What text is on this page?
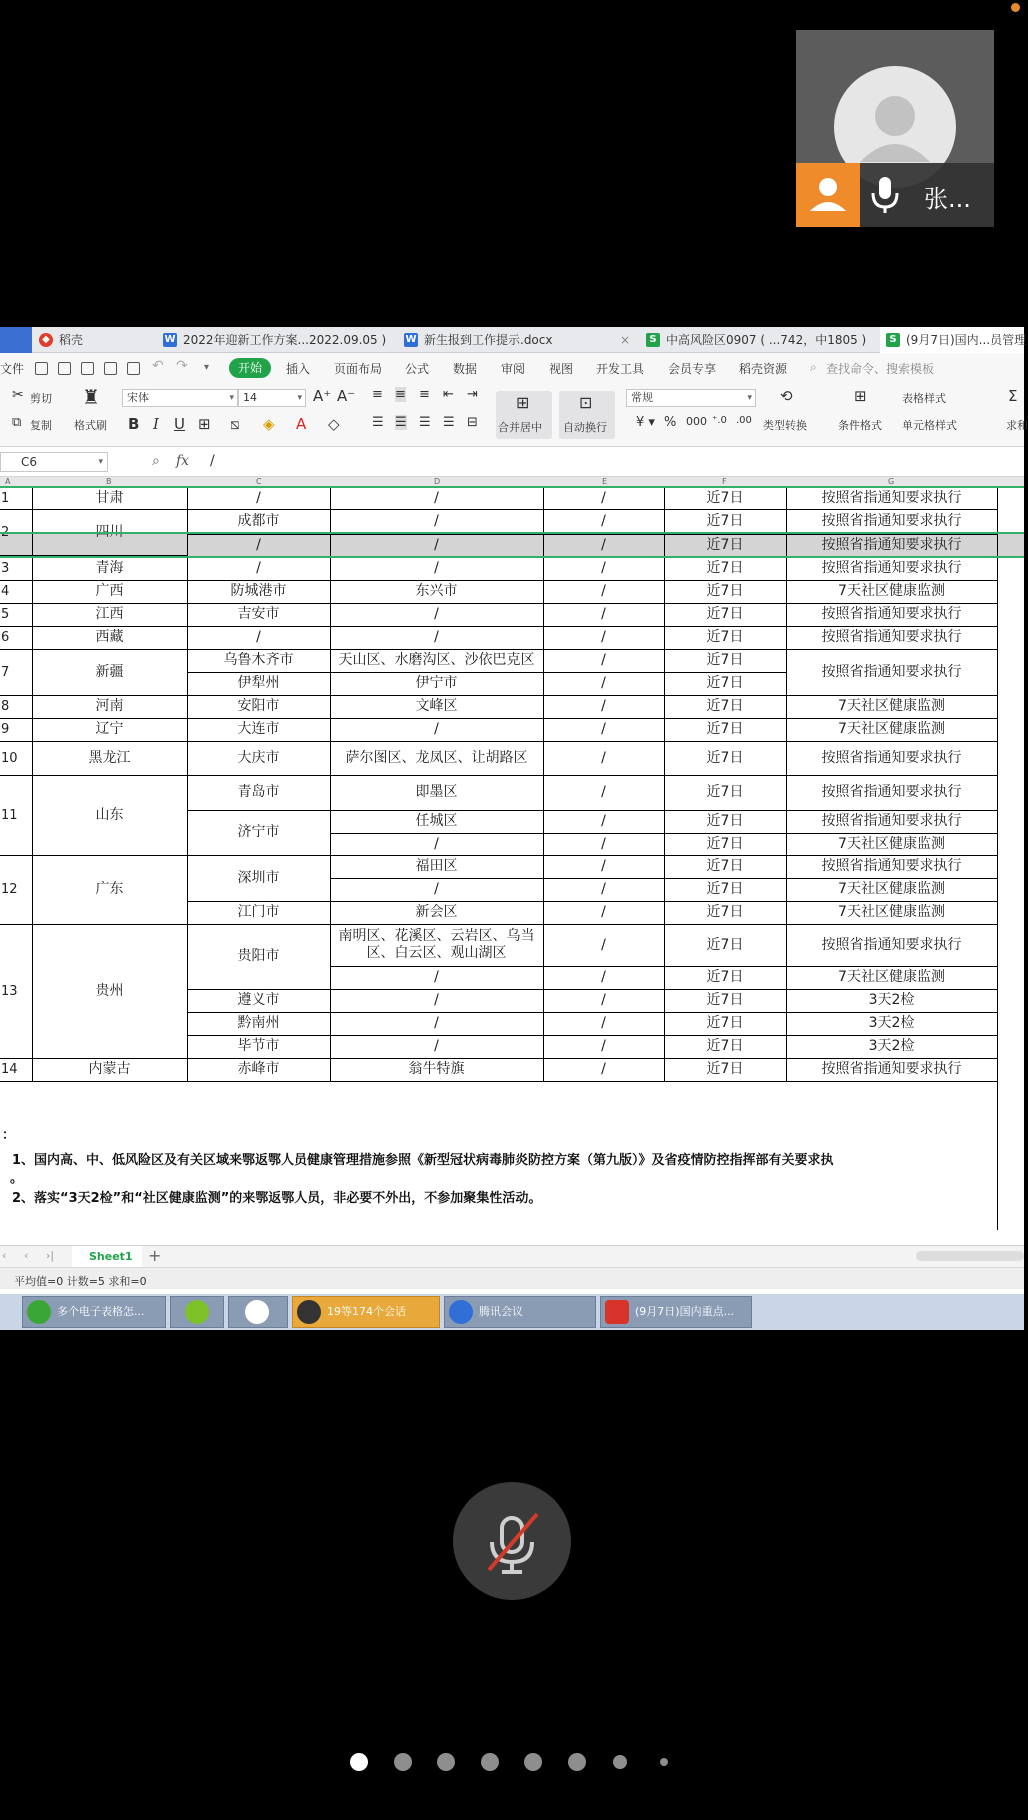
张...
◆ 稻壳	W 2022年迎新工作方案...2022.09.05 ) W 新生报到工作提示.docx	×	S 中高风险区0907 ( ...742，中1805 )	S (9月7日)国内...员管理
文件	↶ ↷ ▾	开始	插入 页面布局 公式 数据 审阅 视图 开发工具 会员专享 稻壳资源 ⌕ 查找命令、搜索模板
✂ 剪切
⧉ 复制
♜
格式刷
宋体 ▾	14 ▾	A⁺ A⁻
B I U ⊞ ⧅ ◈ A ◇
≡ ≡ ≡ ⇤ ⇥
☰ ☰ ☰ ☰ ⊟
⊞
合并居中
⊡
自动换行
常规 ▾
¥ ▾ % 000 ⁺.0 .00
⟲
类型转换
⊞
条件格式
表格样式
单元格样式
Σ
求和
C6 ▾	⌕ fx /
A	B	C	D	E	F	G
1
3
4
5
6
7
8
9
10
11
12
13
14
甘肃	/	/	/	近7日	按照省指通知要求执行
成都市	/	/	近7日	按照省指通知要求执行
/	/	/	近7日	按照省指通知要求执行
青海	/	/	/	近7日	按照省指通知要求执行
广西	防城港市	东兴市	/	近7日	7天社区健康监测
江西	吉安市	/	/	近7日	按照省指通知要求执行
西藏	/	/	/	近7日	按照省指通知要求执行
新疆
乌鲁木齐市	天山区、水磨沟区、沙依巴克区	/	近7日
按照省指通知要求执行
伊犁州	伊宁市	/	近7日
河南	安阳市	文峰区	/	近7日	7天社区健康监测
辽宁	大连市	/	/	近7日	7天社区健康监测
黑龙江	大庆市	萨尔图区、龙凤区、让胡路区	/	近7日	按照省指通知要求执行
山东
青岛市	即墨区	/	近7日	按照省指通知要求执行
济宁市
任城区	/	近7日	按照省指通知要求执行
/	/	近7日	7天社区健康监测
广东
深圳市
福田区	/	近7日	按照省指通知要求执行
/	/	近7日	7天社区健康监测
江门市	新会区	/	近7日	7天社区健康监测
贵州
贵阳市
南明区、花溪区、云岩区、乌当区、白云区、观山湖区
/	近7日	按照省指通知要求执行
/	/	近7日	7天社区健康监测
遵义市	/	/	近7日	3天2检
黔南州	/	/	近7日	3天2检
毕节市	/	/	近7日	3天2检
内蒙古	赤峰市	翁牛特旗	/	近7日	按照省指通知要求执行
：
1、国内高、中、低风险区及有关区域来鄂返鄂人员健康管理措施参照《新型冠状病毒肺炎防控方案（第九版）》及省疫情防控指挥部有关要求执
。
2、落实“3天2检”和“社区健康监测”的来鄂返鄂人员，非必要不外出，不参加聚集性活动。
‹ ‹ ›|	Sheet1 +
平均值=0 计数=5 求和=0
多个电子表格怎...	19等174个会话	腾讯会议	(9月7日)国内重点...
